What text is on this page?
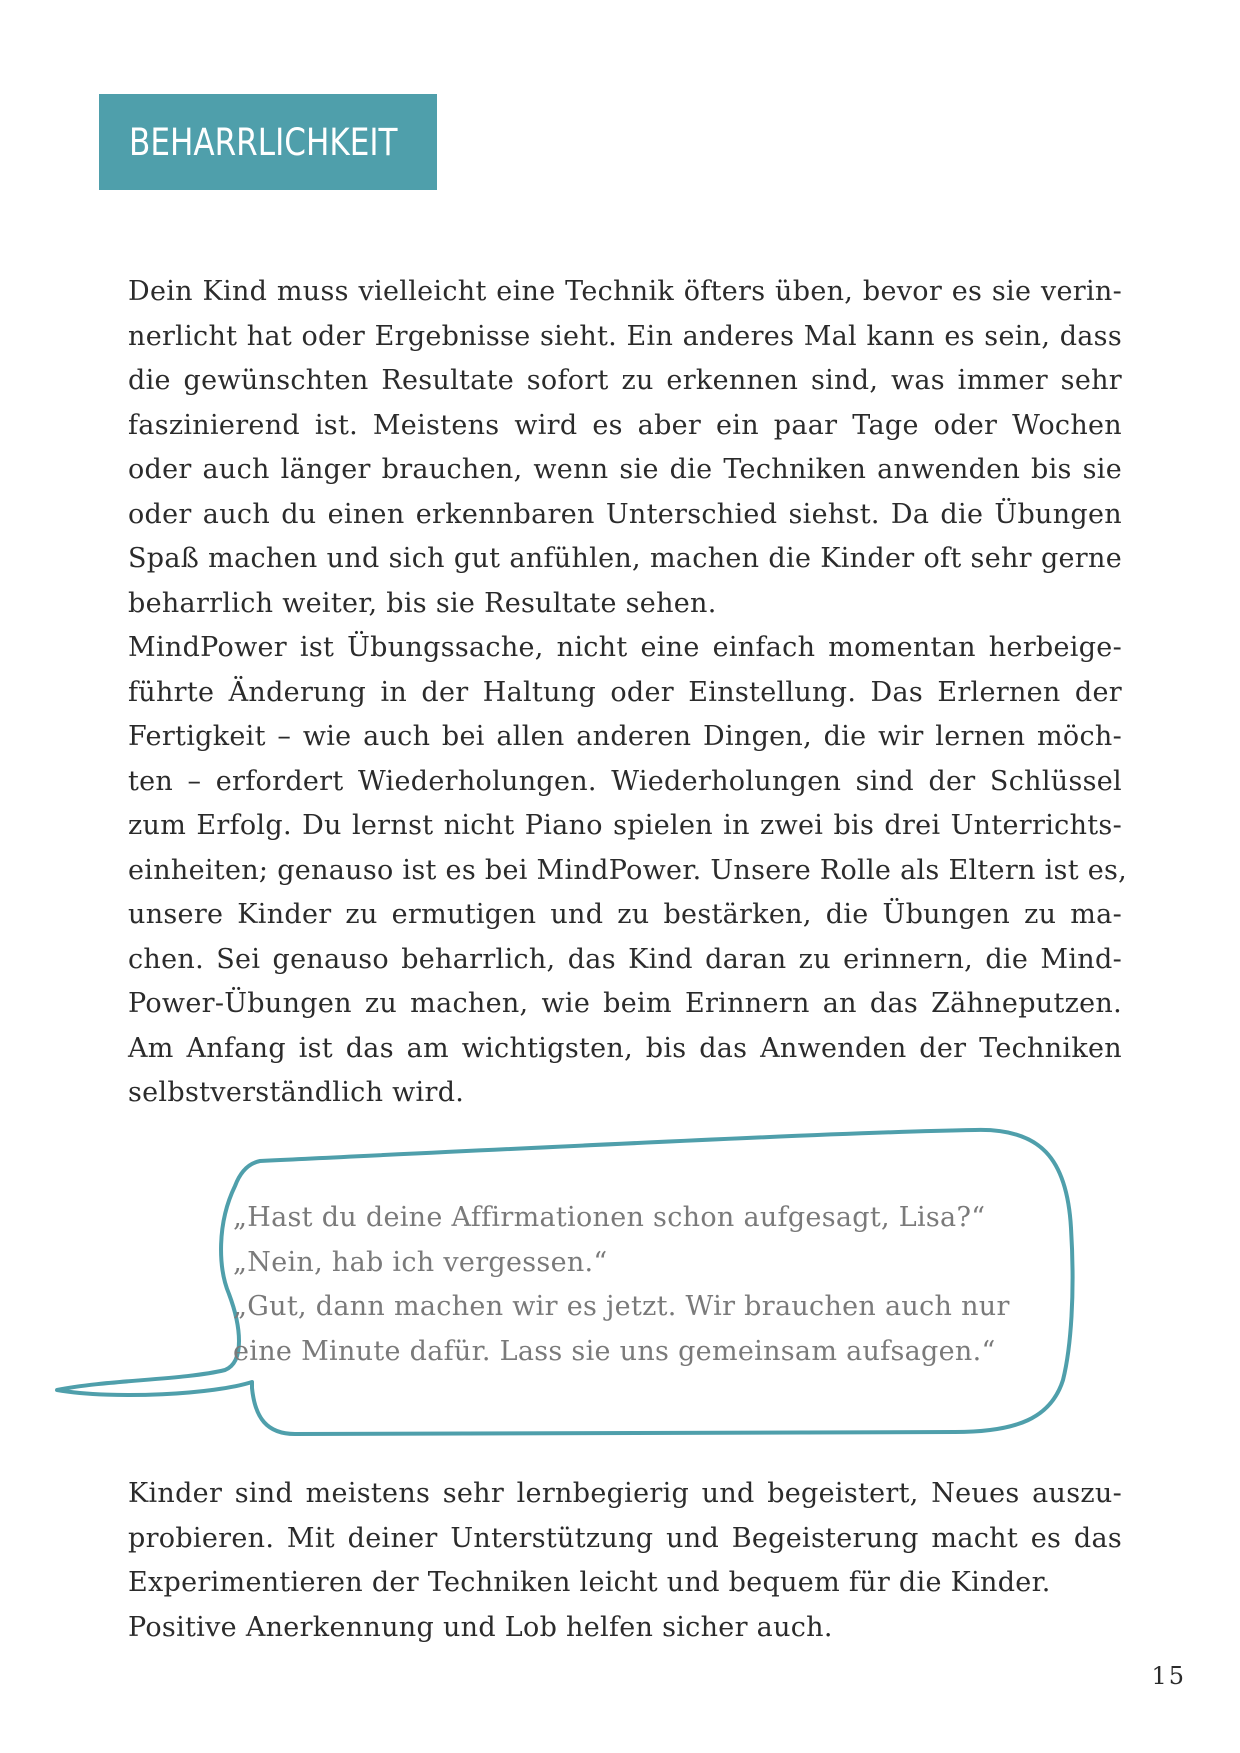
BEHARRLICHKEIT

Dein Kind muss vielleicht eine Technik öfters üben, bevor es sie verin-
nerlicht hat oder Ergebnisse sieht. Ein anderes Mal kann es sein, dass
die gewünschten Resultate sofort zu erkennen sind, was immer sehr
faszinierend ist. Meistens wird es aber ein paar Tage oder Wochen
oder auch länger brauchen, wenn sie die Techniken anwenden bis sie
oder auch du einen erkennbaren Unterschied siehst. Da die Übungen
Spaß machen und sich gut anfühlen, machen die Kinder oft sehr gerne
beharrlich weiter, bis sie Resultate sehen.

MindPower ist Übungssache, nicht eine einfach momentan herbeige-
führte Änderung in der Haltung oder Einstellung. Das Erlernen der
Fertigkeit – wie auch bei allen anderen Dingen, die wir lernen möch-
ten – erfordert Wiederholungen. Wiederholungen sind der Schlüssel
zum Erfolg. Du lernst nicht Piano spielen in zwei bis drei Unterrichts-
einheiten; genauso ist es bei MindPower. Unsere Rolle als Eltern ist es,
unsere Kinder zu ermutigen und zu bestärken, die Übungen zu ma-
chen. Sei genauso beharrlich, das Kind daran zu erinnern, die Mind-
Power-Übungen zu machen, wie beim Erinnern an das Zähneputzen.
Am Anfang ist das am wichtigsten, bis das Anwenden der Techniken
selbstverständlich wird.

„Hast du deine Affirmationen schon aufgesagt, Lisa?“
„Nein, hab ich vergessen.“
„Gut, dann machen wir es jetzt. Wir brauchen auch nur
eine Minute dafür. Lass sie uns gemeinsam aufsagen.“

Kinder sind meistens sehr lernbegierig und begeistert, Neues auszu-
probieren. Mit deiner Unterstützung und Begeisterung macht es das
Experimentieren der Techniken leicht und bequem für die Kinder.
Positive Anerkennung und Lob helfen sicher auch.

15
